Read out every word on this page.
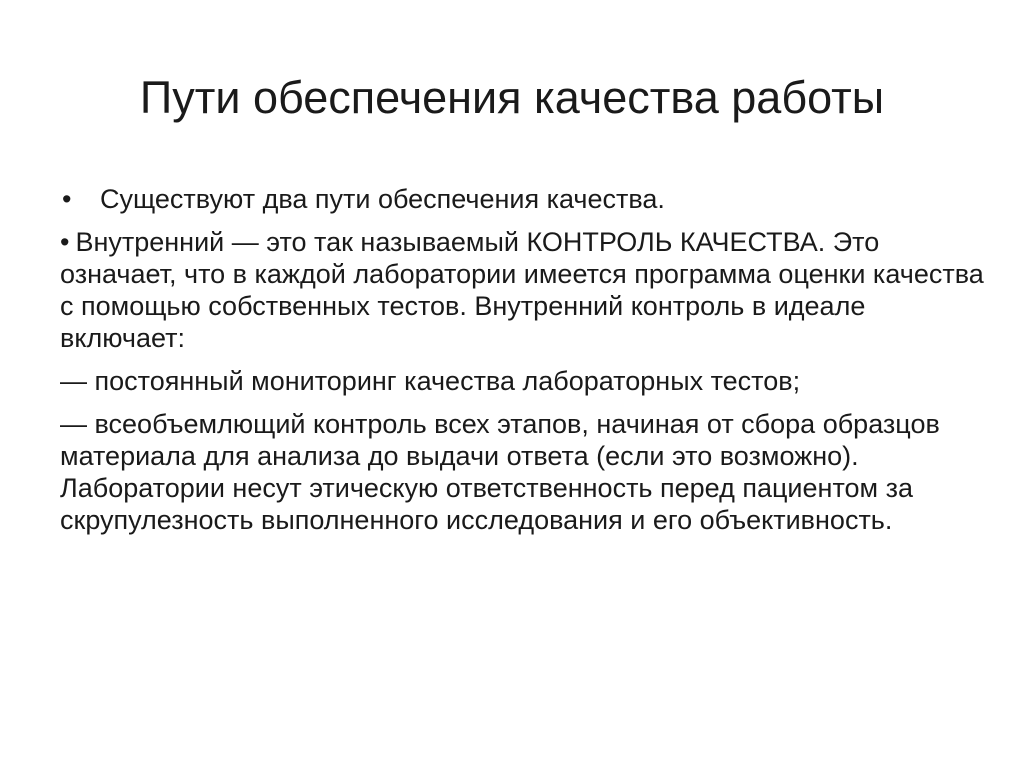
Пути обеспечения качества работы
•	Существуют два пути обеспечения качества.
• Внутренний — это так называемый КОНТРОЛЬ КАЧЕСТВА. Это означает, что в каждой лаборатории имеется программа оценки качества с помощью собственных тестов. Внутренний контроль в идеале включает:
— постоянный мониторинг качества лабораторных тестов;
— всеобъемлющий контроль всех этапов, начиная от сбора образцов материала для анализа до выдачи ответа (если это возможно). Лаборатории несут этическую ответственность перед пациентом за скрупулезность выполненного исследования и его объективность.
